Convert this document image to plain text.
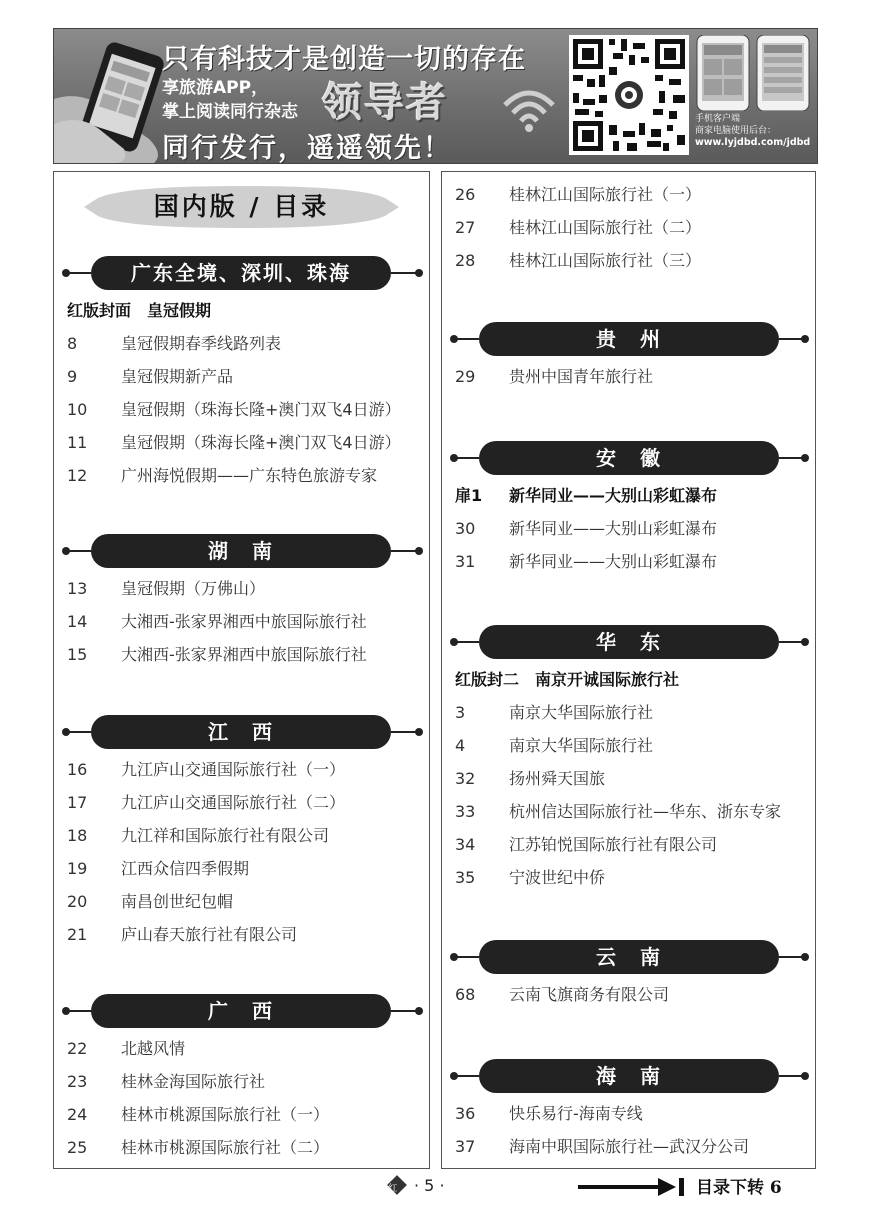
只有科技才是创造一切的存在
享旅游APP，
掌上阅读同行杂志 领导者
同行发行，遥遥领先！
手机客户端
商家电脑使用后台：
www.lyjdbd.com/jdbd
国内版 / 目录
广东全境、深圳、珠海
红版封面 皇冠假期
8	皇冠假期春季线路列表
9	皇冠假期新产品
10 皇冠假期（珠海长隆+澳门双飞4日游）
11 皇冠假期（珠海长隆+澳门双飞4日游）
12 广州海悦假期——广东特色旅游专家
湖　南
13 皇冠假期（万佛山）
14 大湘西-张家界湘西中旅国际旅行社
15 大湘西-张家界湘西中旅国际旅行社
江　西
16 九江庐山交通国际旅行社（一）
17 九江庐山交通国际旅行社（二）
18 九江祥和国际旅行社有限公司
19 江西众信四季假期
20 南昌创世纪包帽
21 庐山春天旅行社有限公司
广　西
22 北越风情
23 桂林金海国际旅行社
24 桂林市桃源国际旅行社（一）
25 桂林市桃源国际旅行社（二）
26 桂林江山国际旅行社（一）
27 桂林江山国际旅行社（二）
28 桂林江山国际旅行社（三）
贵　州
29 贵州中国青年旅行社
安　徽
扉1 新华同业——大别山彩虹瀑布
30 新华同业——大别山彩虹瀑布
31 新华同业——大别山彩虹瀑布
华　东
红版封二 南京开诚国际旅行社
3	南京大华国际旅行社
4	南京大华国际旅行社
32 扬州舜天国旅
33 杭州信达国际旅行社—华东、浙东专家
34 江苏铂悦国际旅行社有限公司
35 宁波世纪中侨
云　南
68 云南飞旗商务有限公司
海　南
36 快乐易行-海南专线
37 海南中职国际旅行社—武汉分公司
红 · 5 ·	目录下转 6
